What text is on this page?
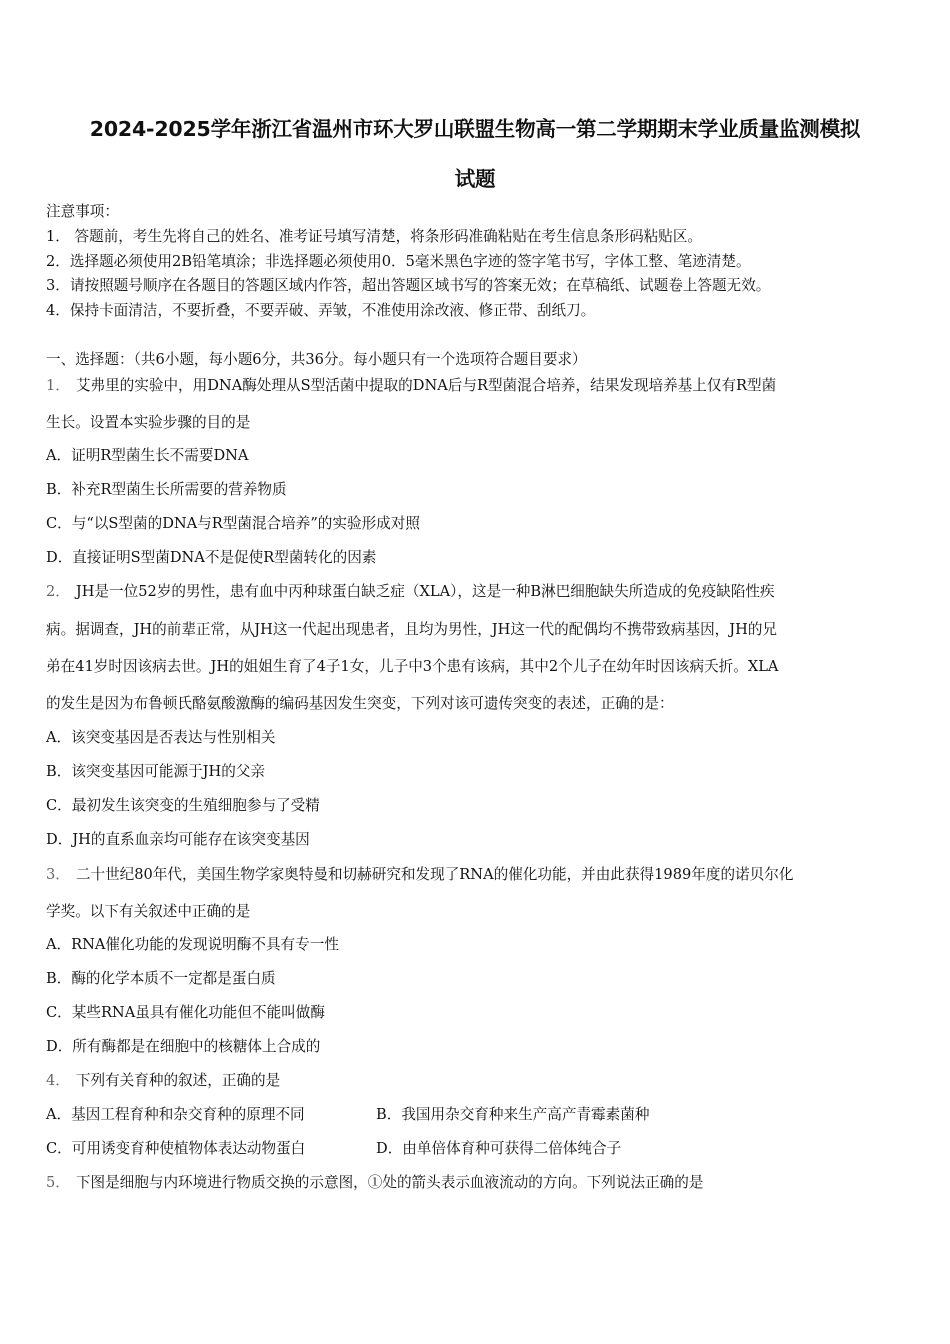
2024-2025学年浙江省温州市环大罗山联盟生物高一第二学期期末学业质量监测模拟
试题
注意事项：
1． 答题前，考生先将自己的姓名、准考证号填写清楚，将条形码准确粘贴在考生信息条形码粘贴区。
2．选择题必须使用2B铅笔填涂；非选择题必须使用0．5毫米黑色字迹的签字笔书写，字体工整、笔迹清楚。
3．请按照题号顺序在各题目的答题区域内作答，超出答题区域书写的答案无效；在草稿纸、试题卷上答题无效。
4．保持卡面清洁，不要折叠，不要弄破、弄皱，不准使用涂改液、修正带、刮纸刀。
一、选择题：（共6小题，每小题6分，共36分。每小题只有一个选项符合题目要求）
1． 艾弗里的实验中，用DNA酶处理从S型活菌中提取的DNA后与R型菌混合培养，结果发现培养基上仅有R型菌
生长。设置本实验步骤的目的是
A．证明R型菌生长不需要DNA
B．补充R型菌生长所需要的营养物质
C．与“以S型菌的DNA与R型菌混合培养”的实验形成对照
D．直接证明S型菌DNA不是促使R型菌转化的因素
2． JH是一位52岁的男性，患有血中丙种球蛋白缺乏症（XLA），这是一种B淋巴细胞缺失所造成的免疫缺陷性疾
病。据调查，JH的前辈正常，从JH这一代起出现患者，且均为男性，JH这一代的配偶均不携带致病基因，JH的兄
弟在41岁时因该病去世。JH的姐姐生育了4子1女，儿子中3个患有该病，其中2个儿子在幼年时因该病夭折。XLA
的发生是因为布鲁顿氏酪氨酸激酶的编码基因发生突变，下列对该可遗传突变的表述，正确的是：
A．该突变基因是否表达与性别相关
B．该突变基因可能源于JH的父亲
C．最初发生该突变的生殖细胞参与了受精
D．JH的直系血亲均可能存在该突变基因
3． 二十世纪80年代，美国生物学家奥特曼和切赫研究和发现了RNA的催化功能，并由此获得1989年度的诺贝尔化
学奖。以下有关叙述中正确的是
A．RNA催化功能的发现说明酶不具有专一性
B．酶的化学本质不一定都是蛋白质
C．某些RNA虽具有催化功能但不能叫做酶
D．所有酶都是在细胞中的核糖体上合成的
4． 下列有关育种的叙述，正确的是
A．基因工程育种和杂交育种的原理不同	B．我国用杂交育种来生产高产青霉素菌种
C．可用诱变育种使植物体表达动物蛋白	D．由单倍体育种可获得二倍体纯合子
5． 下图是细胞与内环境进行物质交换的示意图，①处的箭头表示血液流动的方向。下列说法正确的是
